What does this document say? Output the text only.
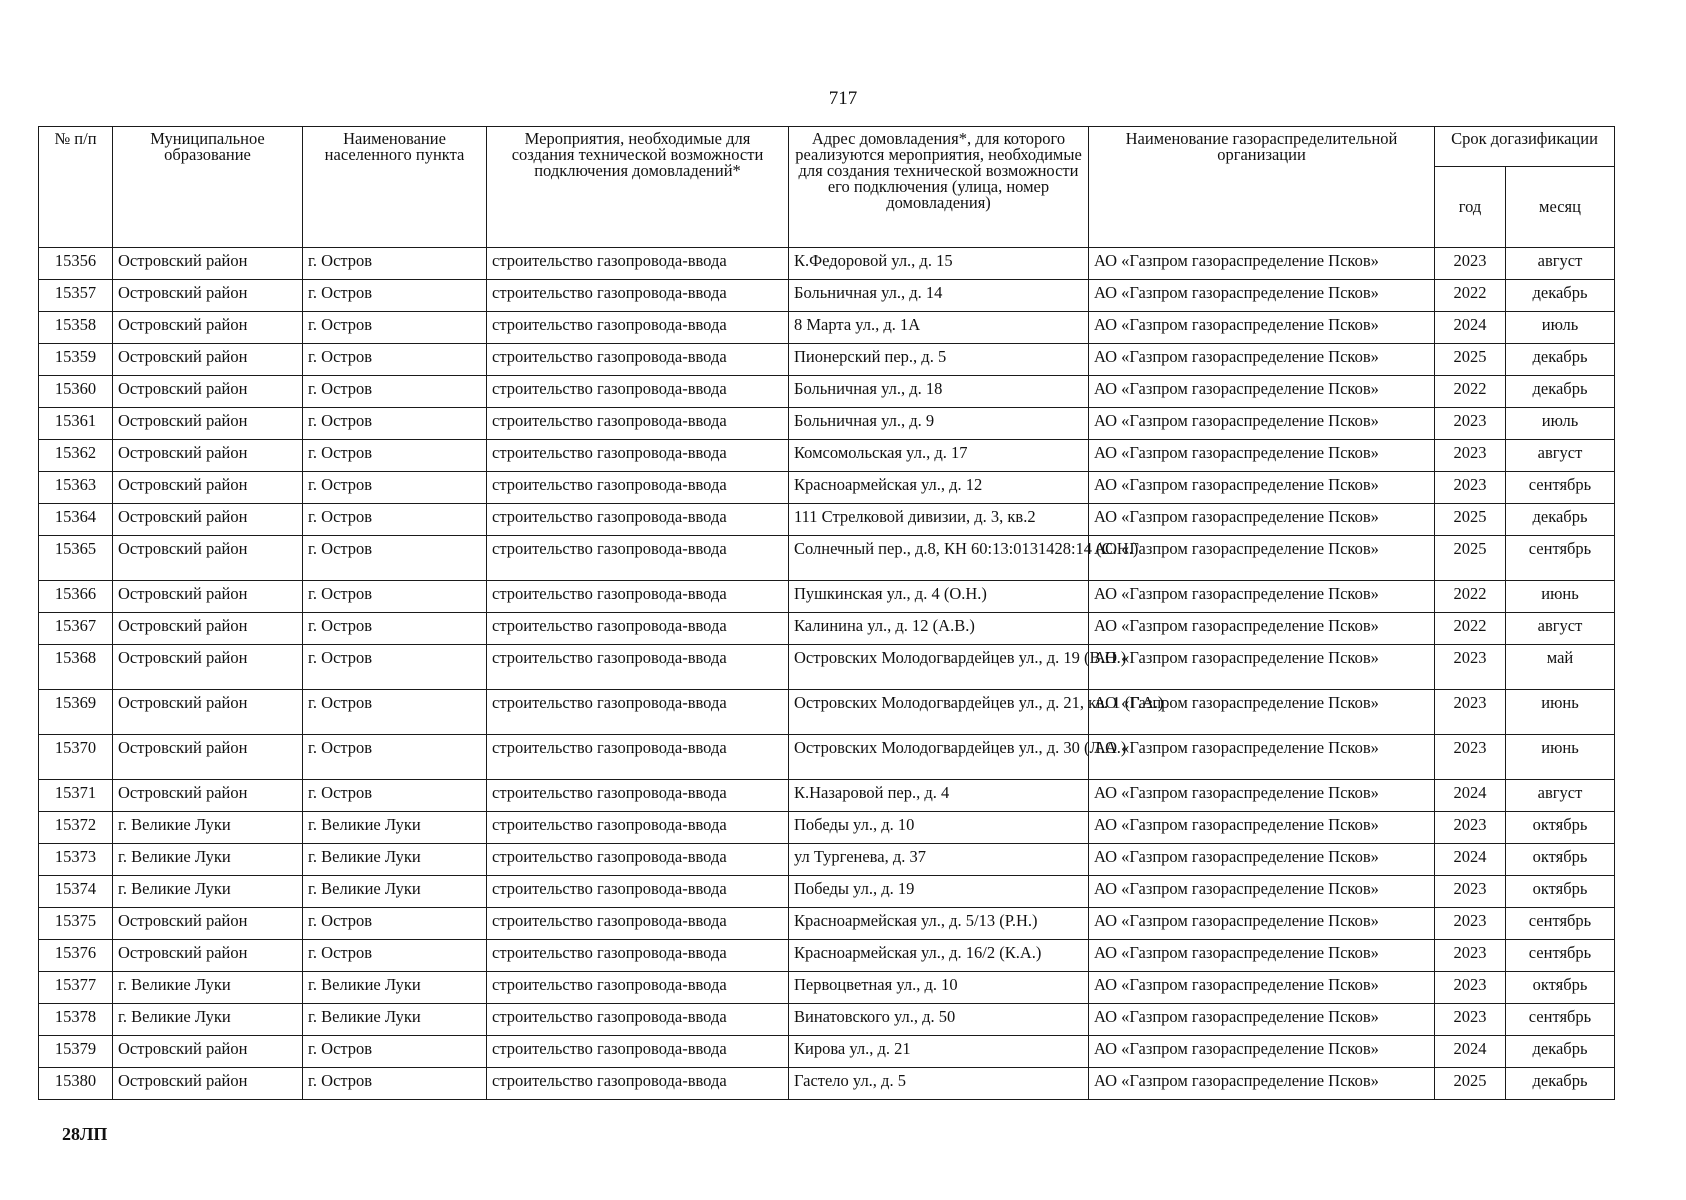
717
№ п/п	Муниципальное образование	Наименование населенного пункта	Мероприятия, необходимые для создания технической возможности подключения домовладений*	Адрес домовладения*, для которого реализуются мероприятия, необходимые для создания технической возможности его подключения (улица, номер домовладения)	Наименование газораспределительной организации	Срок догазификации	
						год	месяц
15356	Островский район	г. Остров	строительство газопровода-ввода	К.Федоровой ул., д. 15	АО «Газпром газораспределение Псков»	2023	август
15357	Островский район	г. Остров	строительство газопровода-ввода	Больничная ул., д. 14	АО «Газпром газораспределение Псков»	2022	декабрь
15358	Островский район	г. Остров	строительство газопровода-ввода	8 Марта ул., д. 1А	АО «Газпром газораспределение Псков»	2024	июль
15359	Островский район	г. Остров	строительство газопровода-ввода	Пионерский пер., д. 5	АО «Газпром газораспределение Псков»	2025	декабрь
15360	Островский район	г. Остров	строительство газопровода-ввода	Больничная ул., д. 18	АО «Газпром газораспределение Псков»	2022	декабрь
15361	Островский район	г. Остров	строительство газопровода-ввода	Больничная ул., д. 9	АО «Газпром газораспределение Псков»	2023	июль
15362	Островский район	г. Остров	строительство газопровода-ввода	Комсомольская ул., д. 17	АО «Газпром газораспределение Псков»	2023	август
15363	Островский район	г. Остров	строительство газопровода-ввода	Красноармейская ул., д. 12	АО «Газпром газораспределение Псков»	2023	сентябрь
15364	Островский район	г. Остров	строительство газопровода-ввода	111 Стрелковой дивизии, д. 3, кв.2	АО «Газпром газораспределение Псков»	2025	декабрь
15365	Островский район	г. Остров	строительство газопровода-ввода	Солнечный пер., д.8, КН 60:13:0131428:14 (С.Н.)	АО «Газпром газораспределение Псков»	2025	сентябрь
15366	Островский район	г. Остров	строительство газопровода-ввода	Пушкинская ул., д. 4 (О.Н.)	АО «Газпром газораспределение Псков»	2022	июнь
15367	Островский район	г. Остров	строительство газопровода-ввода	Калинина ул., д. 12 (А.В.)	АО «Газпром газораспределение Псков»	2022	август
15368	Островский район	г. Остров	строительство газопровода-ввода	Островских Молодогвардейцев ул., д. 19 (В.Н.)	АО «Газпром газораспределение Псков»	2023	май
15369	Островский район	г. Остров	строительство газопровода-ввода	Островских Молодогвардейцев ул., д. 21, кв. 1 (Г.А.)	АО «Газпром газораспределение Псков»	2023	июнь
15370	Островский район	г. Остров	строительство газопровода-ввода	Островских Молодогвардейцев ул., д. 30 (Л.А.)	АО «Газпром газораспределение Псков»	2023	июнь
15371	Островский район	г. Остров	строительство газопровода-ввода	К.Назаровой пер., д. 4	АО «Газпром газораспределение Псков»	2024	август
15372	г. Великие Луки	г. Великие Луки	строительство газопровода-ввода	Победы ул., д. 10	АО «Газпром газораспределение Псков»	2023	октябрь
15373	г. Великие Луки	г. Великие Луки	строительство газопровода-ввода	ул Тургенева, д. 37	АО «Газпром газораспределение Псков»	2024	октябрь
15374	г. Великие Луки	г. Великие Луки	строительство газопровода-ввода	Победы ул., д. 19	АО «Газпром газораспределение Псков»	2023	октябрь
15375	Островский район	г. Остров	строительство газопровода-ввода	Красноармейская ул., д. 5/13 (Р.Н.)	АО «Газпром газораспределение Псков»	2023	сентябрь
15376	Островский район	г. Остров	строительство газопровода-ввода	Красноармейская ул., д. 16/2 (К.А.)	АО «Газпром газораспределение Псков»	2023	сентябрь
15377	г. Великие Луки	г. Великие Луки	строительство газопровода-ввода	Первоцветная ул., д. 10	АО «Газпром газораспределение Псков»	2023	октябрь
15378	г. Великие Луки	г. Великие Луки	строительство газопровода-ввода	Винатовского ул., д. 50	АО «Газпром газораспределение Псков»	2023	сентябрь
15379	Островский район	г. Остров	строительство газопровода-ввода	Кирова ул., д. 21	АО «Газпром газораспределение Псков»	2024	декабрь
15380	Островский район	г. Остров	строительство газопровода-ввода	Гастело ул., д. 5	АО «Газпром газораспределение Псков»	2025	декабрь
28ЛП
